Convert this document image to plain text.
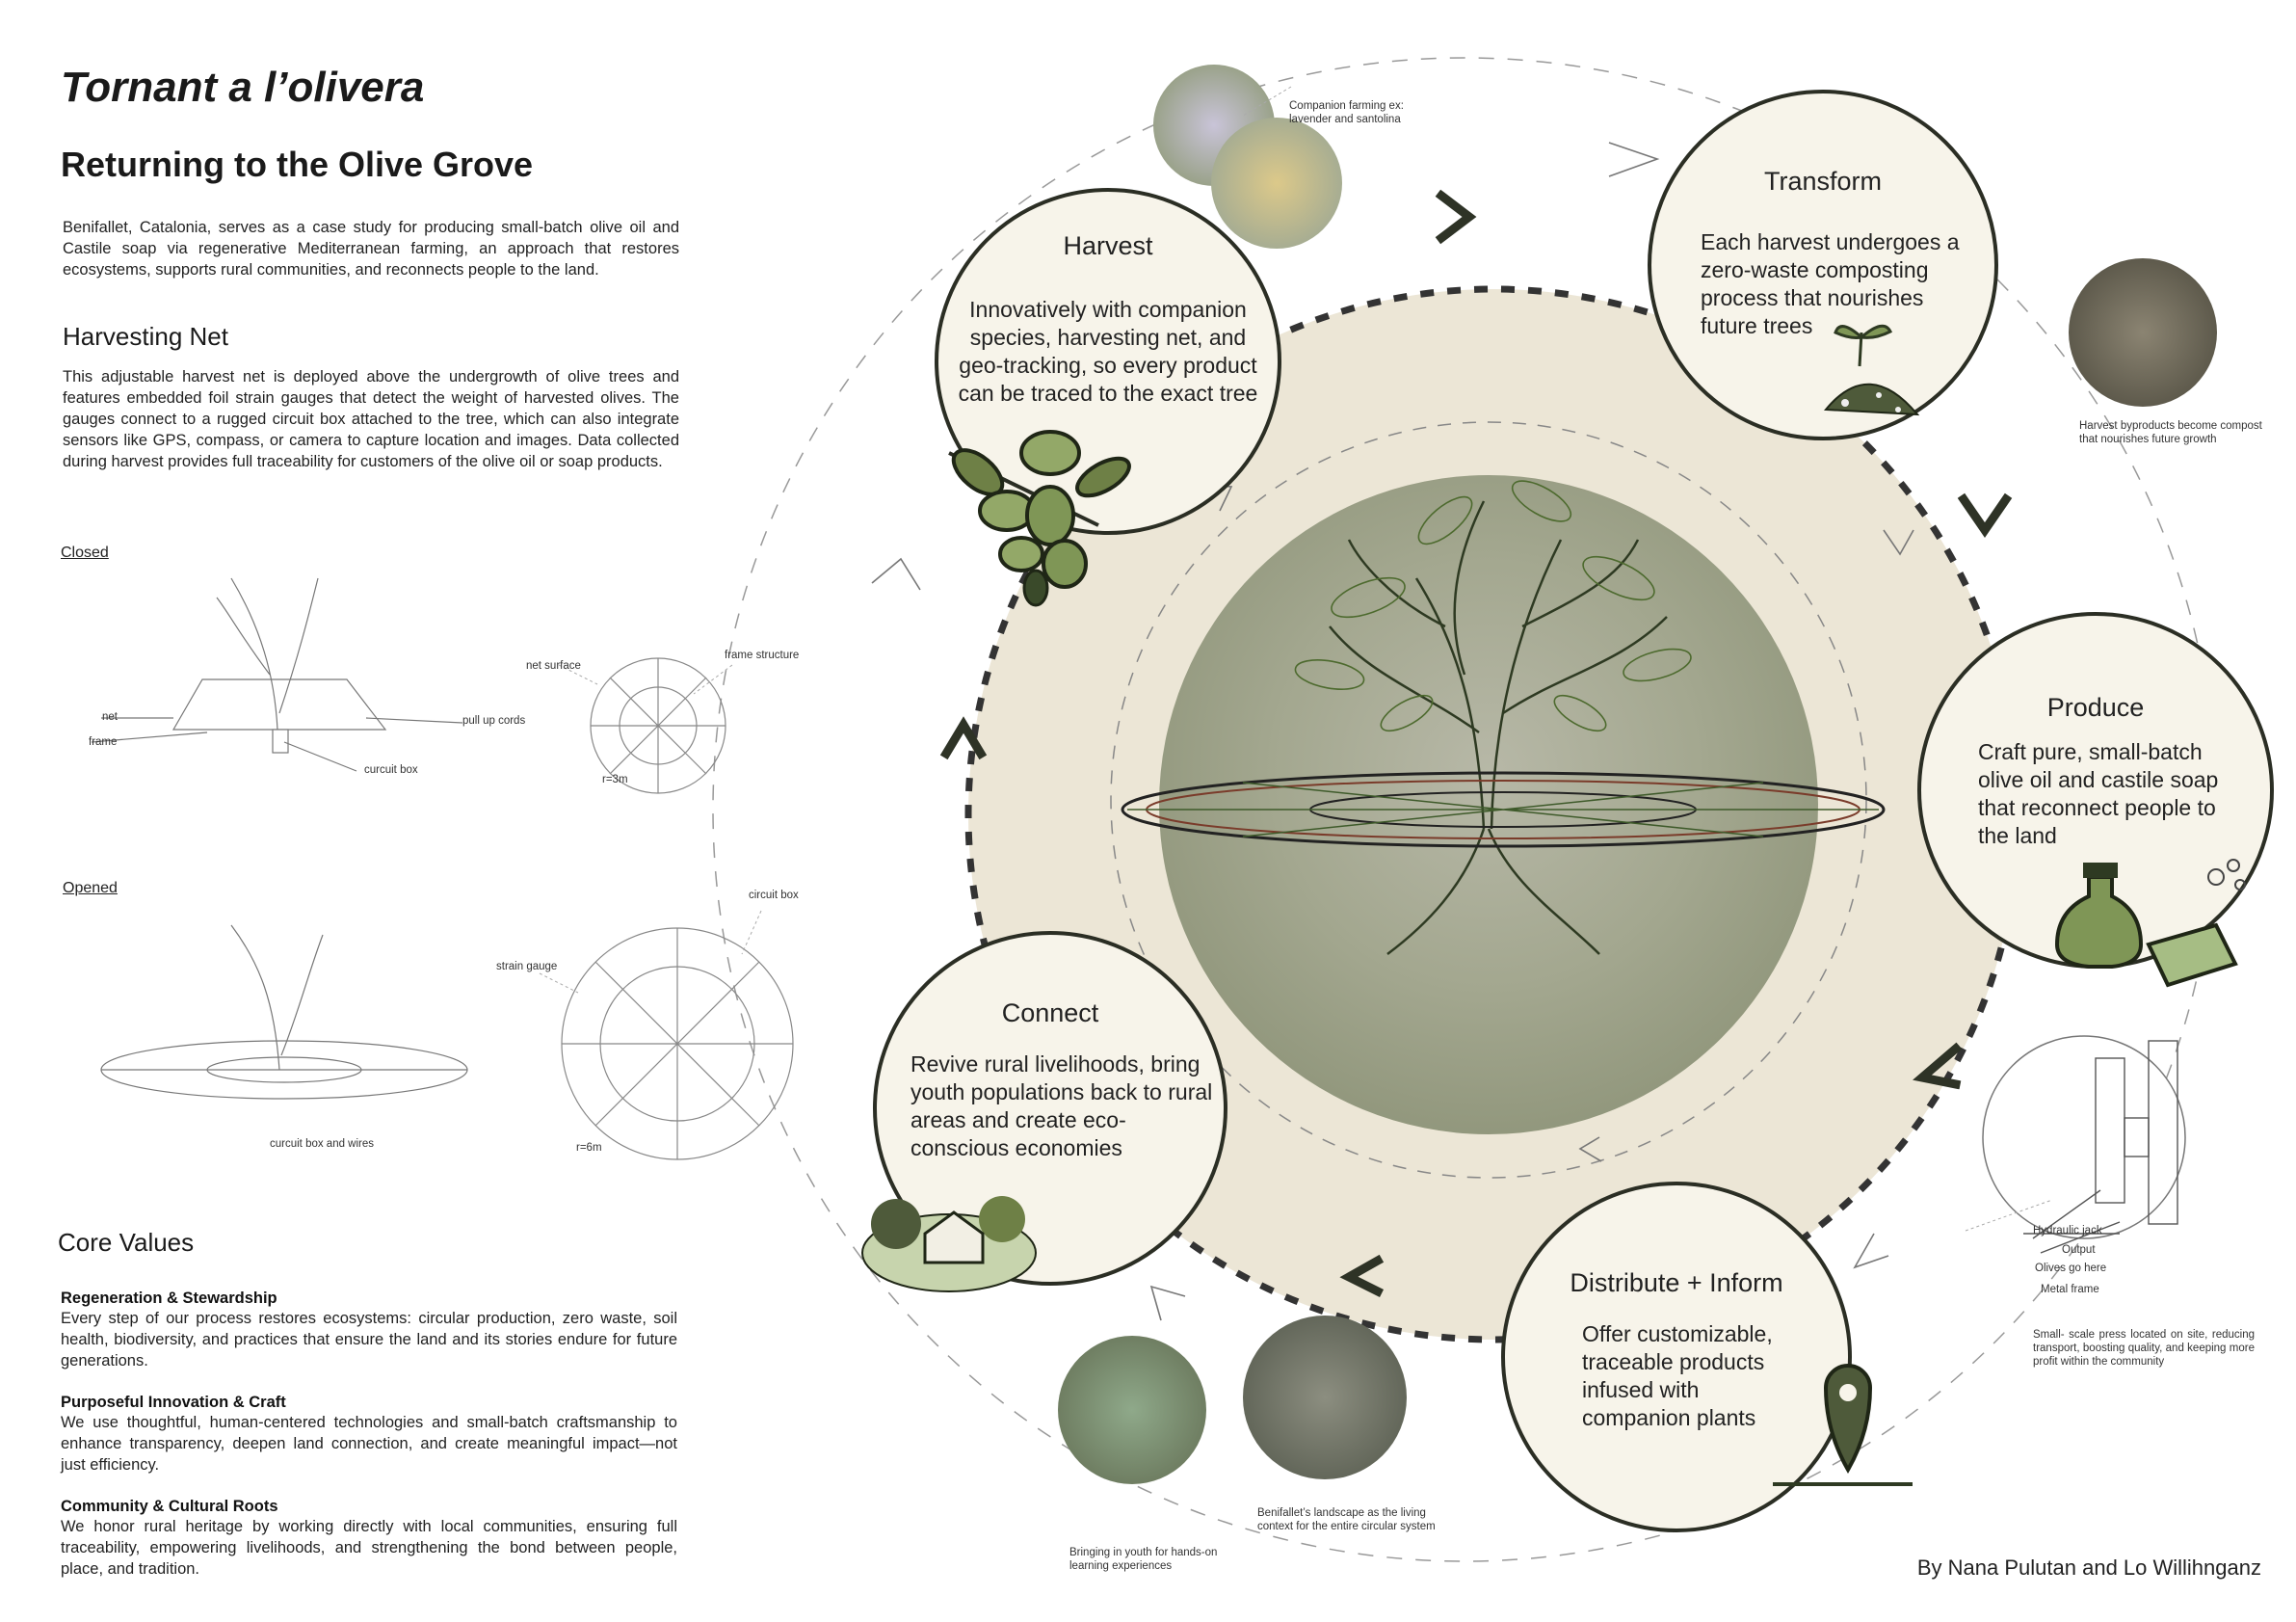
Tornant a l’olivera
Returning to the Olive Grove
Benifallet, Catalonia, serves as a case study for producing small-batch olive oil and Castile soap via regenerative Mediterranean farming, an approach that restores ecosystems, supports rural communities, and reconnects people to the land.
Harvesting Net
This adjustable harvest net is deployed above the undergrowth of olive trees and features embedded foil strain gauges that detect the weight of harvested olives. The gauges connect to a rugged circuit box attached to the tree, which can also integrate sensors like GPS, compass, or camera to capture location and images. Data collected during harvest provides full traceability for customers of the olive oil or soap products.
Closed
net
frame
curcuit box
pull up cords
net surface
frame structure
r=3m
Opened
strain gauge
circuit box
curcuit box and wires	r=6m
Core Values
Regeneration & Stewardship
Every step of our process restores ecosystems: circular production, zero waste, soil health, biodiversity, and practices that ensure the land and its stories endure for future generations.
Purposeful Innovation & Craft
We use thoughtful, human-centered technologies and small-batch craftsmanship to enhance transparency, deepen land connection, and create meaningful impact—not just efficiency.
Community & Cultural Roots
We honor rural heritage by working directly with local communities, ensuring full traceability, empowering livelihoods, and strengthening the bond between people, place, and tradition.
Harvest
Innovatively with companion species, harvesting net, and geo-tracking, so every product can be traced to the exact tree
Transform
Each harvest undergoes a zero-waste composting process that nourishes future trees
Produce
Craft pure, small-batch olive oil and castile soap that reconnect people to the land
Distribute + Inform
Offer customizable, traceable products infused with companion plants
Connect
Revive rural livelihoods, bring youth populations back to rural areas and create eco-conscious economies
Companion farming ex: lavender and santolina
Harvest byproducts become compost that nourishes future growth
Small- scale press located on site, reducing transport, boosting quality, and keeping more profit within the community
Hydraulic jack
Output
Olives go here
Metal frame
Benifallet’s landscape as the living context for the entire circular system
Bringing in youth for hands-on learning experiences	By Nana Pulutan and Lo Willihnganz
